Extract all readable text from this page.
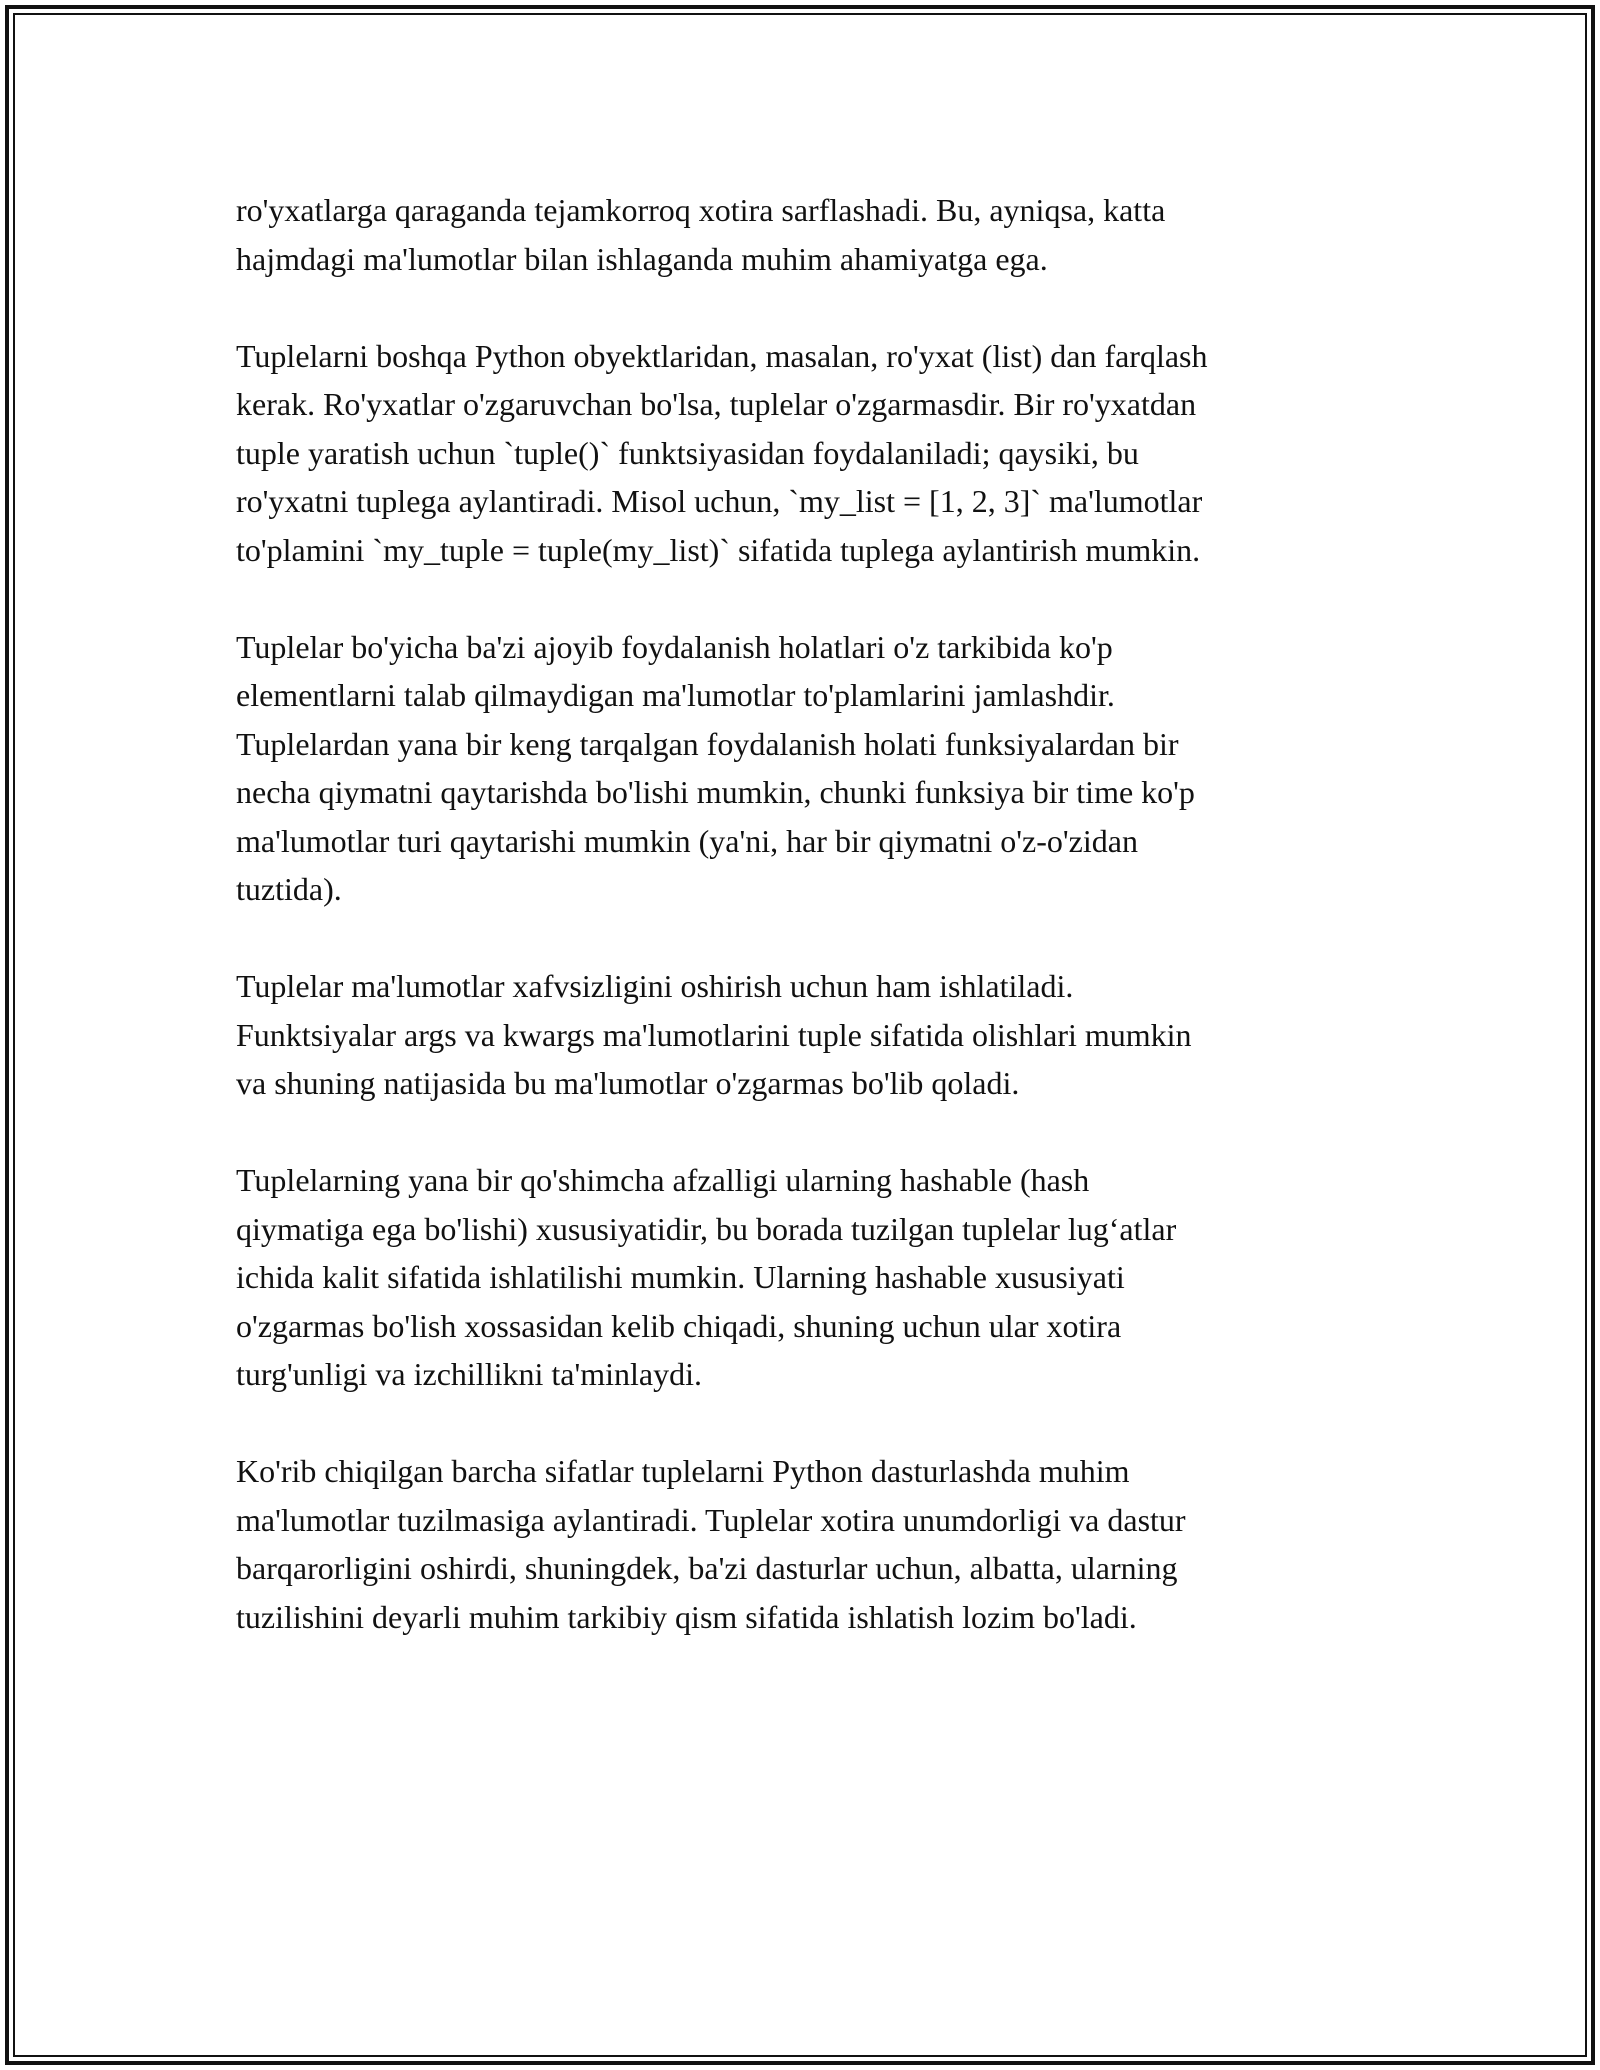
ro'yxatlarga qaraganda tejamkorroq xotira sarflashadi. Bu, ayniqsa, katta
hajmdagi ma'lumotlar bilan ishlaganda muhim ahamiyatga ega.

Tuplelarni boshqa Python obyektlaridan, masalan, ro'yxat (list) dan farqlash
kerak. Ro'yxatlar o'zgaruvchan bo'lsa, tuplelar o'zgarmasdir. Bir ro'yxatdan
tuple yaratish uchun `tuple()` funktsiyasidan foydalaniladi; qaysiki, bu
ro'yxatni tuplega aylantiradi. Misol uchun, `my_list = [1, 2, 3]` ma'lumotlar
to'plamini `my_tuple = tuple(my_list)` sifatida tuplega aylantirish mumkin.

Tuplelar bo'yicha ba'zi ajoyib foydalanish holatlari o'z tarkibida ko'p
elementlarni talab qilmaydigan ma'lumotlar to'plamlarini jamlashdir.
Tuplelardan yana bir keng tarqalgan foydalanish holati funksiyalardan bir
necha qiymatni qaytarishda bo'lishi mumkin, chunki funksiya bir time ko'p
ma'lumotlar turi qaytarishi mumkin (ya'ni, har bir qiymatni o'z-o'zidan
tuztida).

Tuplelar ma'lumotlar xafvsizligini oshirish uchun ham ishlatiladi.
Funktsiyalar args va kwargs ma'lumotlarini tuple sifatida olishlari mumkin
va shuning natijasida bu ma'lumotlar o'zgarmas bo'lib qoladi.

Tuplelarning yana bir qo'shimcha afzalligi ularning hashable (hash
qiymatiga ega bo'lishi) xususiyatidir, bu borada tuzilgan tuplelar lug‘atlar
ichida kalit sifatida ishlatilishi mumkin. Ularning hashable xususiyati
o'zgarmas bo'lish xossasidan kelib chiqadi, shuning uchun ular xotira
turg'unligi va izchillikni ta'minlaydi.

Ko'rib chiqilgan barcha sifatlar tuplelarni Python dasturlashda muhim
ma'lumotlar tuzilmasiga aylantiradi. Tuplelar xotira unumdorligi va dastur
barqarorligini oshirdi, shuningdek, ba'zi dasturlar uchun, albatta, ularning
tuzilishini deyarli muhim tarkibiy qism sifatida ishlatish lozim bo'ladi.
